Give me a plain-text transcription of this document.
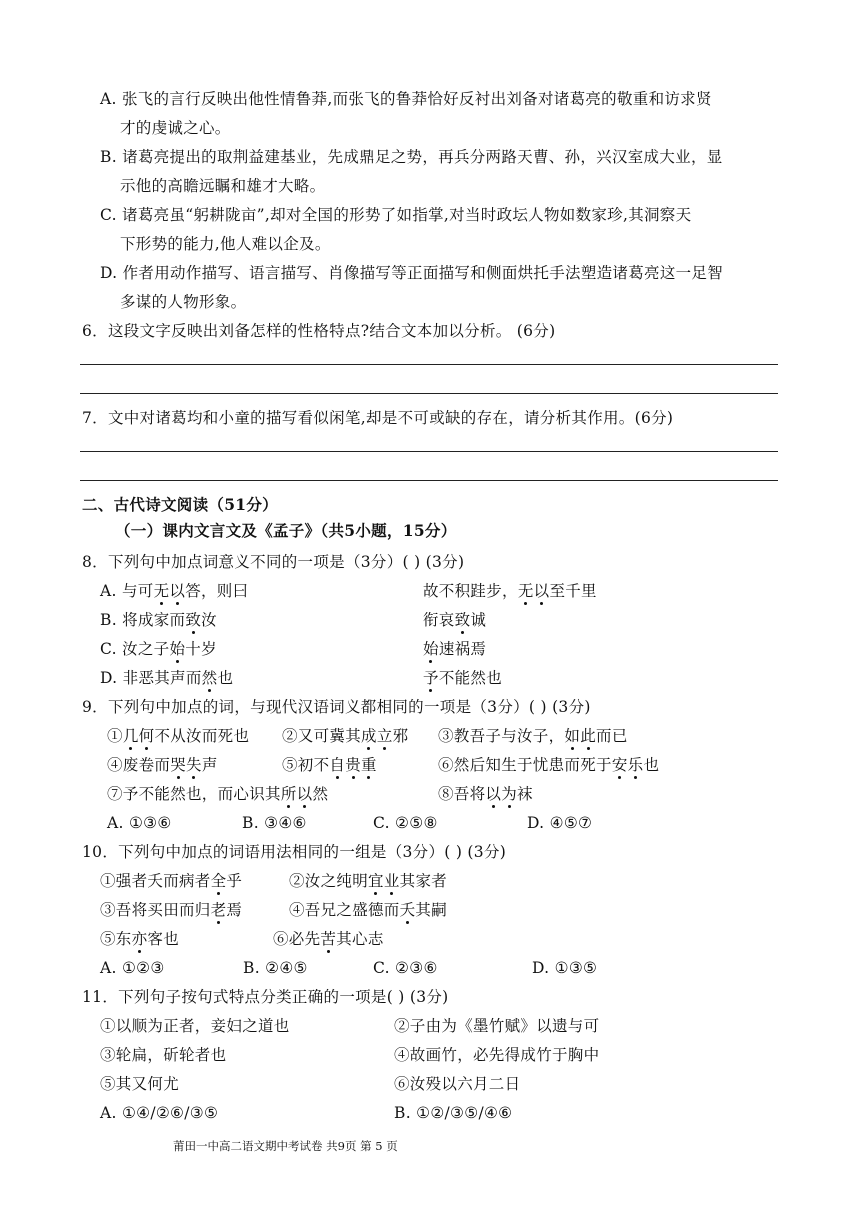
A. 张飞的言行反映出他性情鲁莽,而张飞的鲁莽恰好反衬出刘备对诸葛亮的敬重和访求贤
才的虔诚之心。
B. 诸葛亮提出的取荆益建基业，先成鼎足之势，再兵分两路天曹、孙，兴汉室成大业，显
示他的高瞻远瞩和雄才大略。
C. 诸葛亮虽“躬耕陇亩”,却对全国的形势了如指掌,对当时政坛人物如数家珍,其洞察天
下形势的能力,他人难以企及。
D. 作者用动作描写、语言描写、肖像描写等正面描写和侧面烘托手法塑造诸葛亮这一足智
多谋的人物形象。
6．这段文字反映出刘备怎样的性格特点?结合文本加以分析。 (6分)
7．文中对诸葛均和小童的描写看似闲笔,却是不可或缺的存在，请分析其作用。(6分)
二、古代诗文阅读（51分）
（一）课内文言文及《孟子》（共5小题，15分）
8．下列句中加点词意义不同的一项是（3分）( ) (3分)
A. 与可无以答，则曰	故不积跬步，无以至千里
B. 将成家而致汝	衔哀致诚
C. 汝之子始十岁	始速祸焉
D. 非恶其声而然也	予不能然也
9．下列句中加点的词，与现代汉语词义都相同的一项是（3分）( ) (3分)
①几何不从汝而死也 ②又可冀其成立邪 ③教吾子与汝子，如此而已
④废卷而哭失声	⑤初不自贵重	⑥然后知生于忧患而死于安乐也
⑦予不能然也，而心识其所以然	⑧吾将以为袜
A. ①③⑥	B. ③④⑥	C. ②⑤⑧	D. ④⑤⑦
10．下列句中加点的词语用法相同的一组是（3分）( ) (3分)
①强者夭而病者全乎	②汝之纯明宜业其家者
③吾将买田而归老焉	④吾兄之盛德而夭其嗣
⑤东亦客也	⑥必先苦其心志
A. ①②③	B. ②④⑤	C. ②③⑥	D. ①③⑤
11．下列句子按句式特点分类正确的一项是( ) (3分)
①以顺为正者，妾妇之道也	②子由为《墨竹赋》以遗与可
③轮扁，斫轮者也	④故画竹，必先得成竹于胸中
⑤其又何尤	⑥汝殁以六月二日
A. ①④/②⑥/③⑤	B. ①②/③⑤/④⑥
莆田一中高二语文期中考试卷 共9页 第 5 页
